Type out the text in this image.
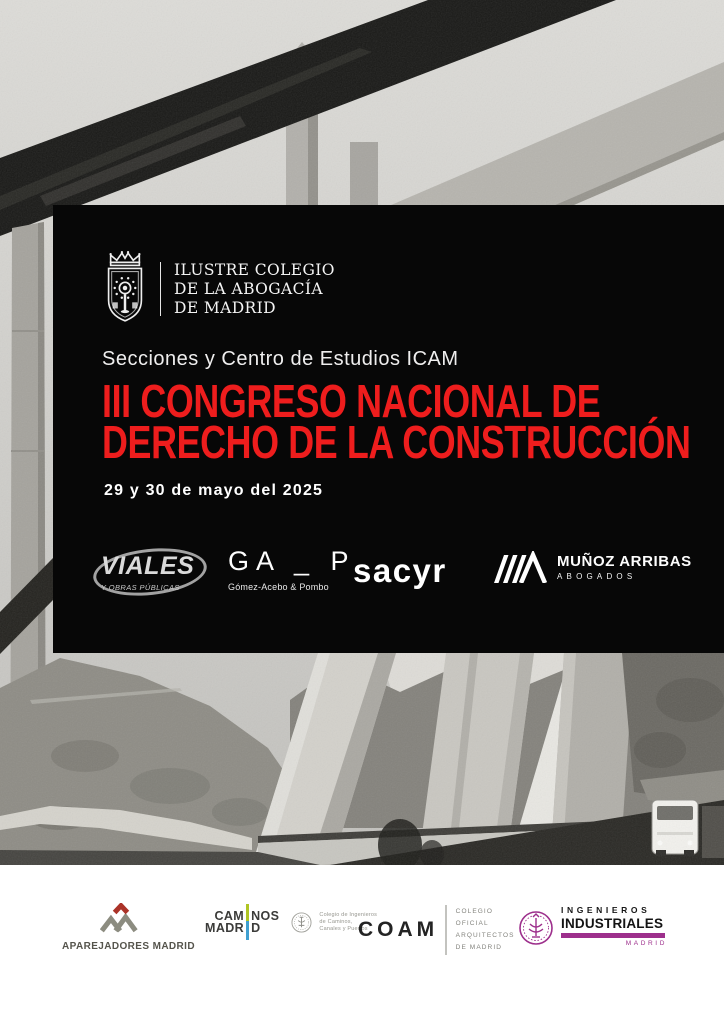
ILUSTRE COLEGIO
DE LA ABOGACÍA
DE MADRID
Secciones y Centro de Estudios ICAM
III CONGRESO NACIONAL DE
DERECHO DE LA CONSTRUCCIÓN
29 y 30 de mayo del 2025
VIALES
Y OBRAS PÚBLICAS
GA _ P
Gómez-Acebo & Pombo sacyr	MUÑOZ ARRIBAS
ABOGADOS
APAREJADORES MADRID
CAM NOS
MADR D
Colegio de Ingenieros
de Caminos,
Canales y Puertos
COAM
COLEGIO
OFICIAL
ARQUITECTOS
DE MADRID
INGENIEROS
INDUSTRIALES
MADRID
